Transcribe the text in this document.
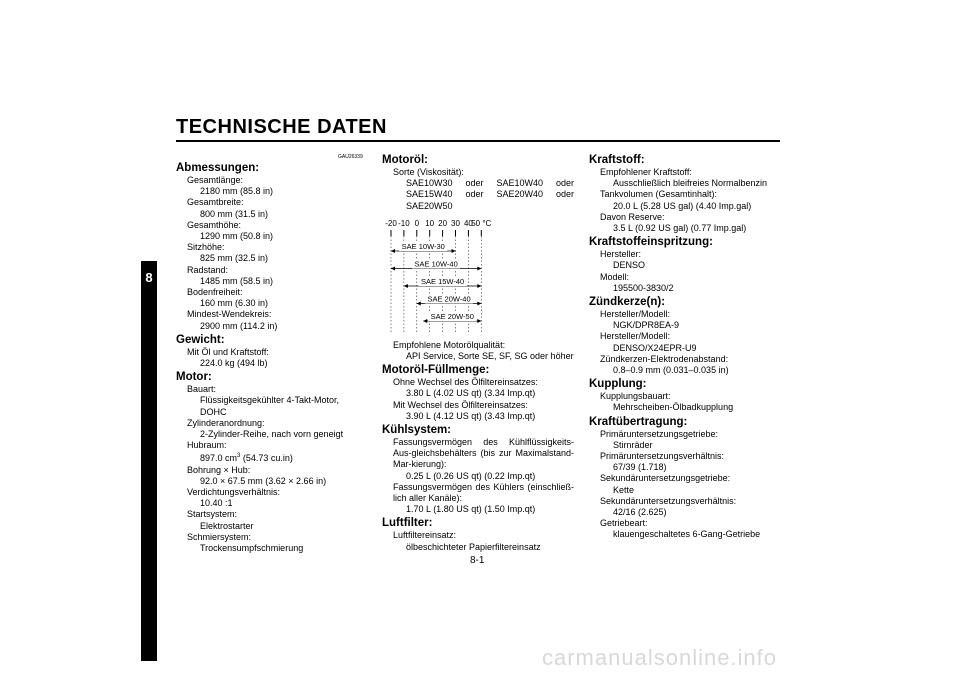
TECHNISCHE DATEN
8
GAU26339
Abmessungen:
Gesamtlänge:
2180 mm (85.8 in)
Gesamtbreite:
800 mm (31.5 in)
Gesamthöhe:
1290 mm (50.8 in)
Sitzhöhe:
825 mm (32.5 in)
Radstand:
1485 mm (58.5 in)
Bodenfreiheit:
160 mm (6.30 in)
Mindest-Wendekreis:
2900 mm (114.2 in)
Gewicht:
Mit Öl und Kraftstoff:
224.0 kg (494 lb)
Motor:
Bauart:
Flüssigkeitsgekühlter 4-Takt-Motor, DOHC
Zylinderanordnung:
2-Zylinder-Reihe, nach vorn geneigt
Hubraum:
897.0 $cm^3$ (54.73 cu.in)
Bohrung × Hub:
92.0 × 67.5 mm (3.62 × 2.66 in)
Verdichtungsverhältnis:
10.40 :1
Startsystem:
Elektrostarter
Schmiersystem:
Trockensumpfschmierung
Motoröl:
Sorte (Viskosität):
SAE10W30 oder SAE10W40 oder
SAE15W40 oder SAE20W40 oder
SAE20W50
-20 -10 0 10 20 30 40
50 °C
SAE 10W-30
SAE 10W-40
SAE 15W-40
SAE 20W-40
SAE 20W-50
Empfohlene Motorölqualität:
API Service, Sorte SE, SF, SG oder höher
Motoröl-Füllmenge:
Ohne Wechsel des Ölfiltereinsatzes:
3.80 L (4.02 US qt) (3.34 Imp.qt)
Mit Wechsel des Ölfiltereinsatzes:
3.90 L (4.12 US qt) (3.43 Imp.qt)
Kühlsystem:
Fassungsvermögen des Kühlflüssigkeits-Aus-gleichsbehälters (bis zur Maximalstand-Mar-kierung):
0.25 L (0.26 US qt) (0.22 Imp.qt)
Fassungsvermögen des Kühlers (einschließ-lich aller Kanäle):
1.70 L (1.80 US qt) (1.50 Imp.qt)
Luftfilter:
Luftfiltereinsatz:
ölbeschichteter Papierfiltereinsatz
Kraftstoff:
Empfohlener Kraftstoff:
Ausschließlich bleifreies Normalbenzin
Tankvolumen (Gesamtinhalt):
20.0 L (5.28 US gal) (4.40 Imp.gal)
Davon Reserve:
3.5 L (0.92 US gal) (0.77 Imp.gal)
Kraftstoffeinspritzung:
Hersteller:
DENSO
Modell:
195500-3830/2
Zündkerze(n):
Hersteller/Modell:
NGK/DPR8EA-9
Hersteller/Modell:
DENSO/X24EPR-U9
Zündkerzen-Elektrodenabstand:
0.8–0.9 mm (0.031–0.035 in)
Kupplung:
Kupplungsbauart:
Mehrscheiben-Ölbadkupplung
Kraftübertragung:
Primäruntersetzungsgetriebe:
Stirnräder
Primäruntersetzungsverhältnis:
67/39 (1.718)
Sekundäruntersetzungsgetriebe:
Kette
Sekundäruntersetzungsverhältnis:
42/16 (2.625)
Getriebeart:
klauengeschaltetes 6-Gang-Getriebe
8-1
carmanualsonline.info
